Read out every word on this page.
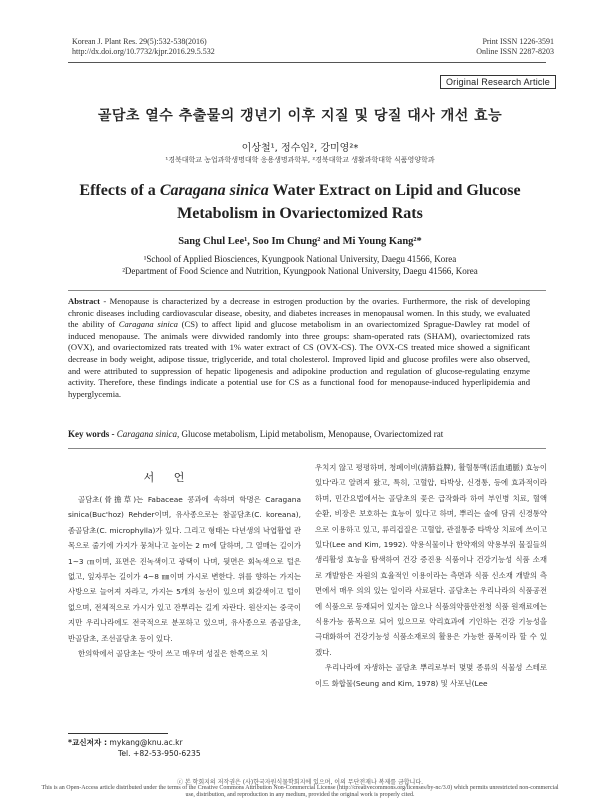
Korean J. Plant Res. 29(5):532-538(2016)
http://dx.doi.org/10.7732/kjpr.2016.29.5.532
Print ISSN 1226-3591
Online ISSN 2287-8203
Original Research Article
골담초 열수 추출물의 갱년기 이후 지질 및 당질 대사 개선 효능
이상철¹, 정수임², 강미영²*
¹경북대학교 농업과학생명대학 응용생명과학부, ²경북대학교 생활과학대학 식품영양학과
Effects of a Caragana sinica Water Extract on Lipid and Glucose
Metabolism in Ovariectomized Rats
Sang Chul Lee¹, Soo Im Chung² and Mi Young Kang²*
¹School of Applied Biosciences, Kyungpook National University, Daegu 41566, Korea
²Department of Food Science and Nutrition, Kyungpook National University, Daegu 41566, Korea
Abstract - Menopause is characterized by a decrease in estrogen production by the ovaries. Furthermore, the risk of developing chronic diseases including cardiovascular disease, obesity, and diabetes increases in menopausal women. In this study, we evaluated the ability of Caragana sinica (CS) to affect lipid and glucose metabolism in an ovariectomized Sprague-Dawley rat model of induced menopause. The animals were divwided randomly into three groups: sham-operated rats (SHAM), ovariectomized rats (OVX), and ovariectomized rats treated with 1% water extract of CS (OVX-CS). The OVX-CS treated mice showed a significant decrease in body weight, adipose tissue, triglyceride, and total cholesterol. Improved lipid and glucose profiles were also observed, and were attributed to suppression of hepatic lipogenesis and adipokine production and regulation of glucose-regulating enzyme activity. Therefore, these findings indicate a potential use for CS as a functional food for menopause-induced hyperlipidemia and hyperglycemia.
Key words - Caragana sinica, Glucose metabolism, Lipid metabolism, Menopause, Ovariectomized rat
서 언

골담초(骨擔草)는 Fabaceae 콩과에 속하며 학명은 Caragana sinica(Buc'hoz) Rehder이며, 유사종으로는 참골담초(C. koreana), 좀골담초(C. microphylla)가 있다. 그리고 형태는 다년생의 낙엽활엽 관목으로 줄기에 가지가 뭉쳐나고 높이는 2 m에 달하며, 그 열매는 길이가 1~3 ㎝이며, 표면은 진녹색이고 광택이 나며, 뒷면은 회녹색으로 털은 없고, 잎자루는 길이가 4~8 ㎜이며 가시로 변한다. 위를 향하는 가지는 사방으로 늘어져 자라고, 가지는 5개의 능선이 있으며 회갈색이고 털이 없으며, 전체적으로 가시가 있고 잔뿌리는 길게 자란다. 원산지는 중국이지만 우리나라에도 전국적으로 분포하고 있으며, 유사종으로 좀골담초, 반골담초, 조선골담초 등이 있다.

한의학에서 골담초는 '맛이 쓰고 매우며 성질은 한쪽으로 치

우치지 않고 평평하며, 청폐이비(淸肺益脾), 활혈통맥(活血通脈) 효능이 있다'라고 알려져 왔고, 특히, 고혈압, 타박상, 신경통, 등에 효과적이라 하며, 민간요법에서는 골담초의 꽃은 급작화라 하여 부인병 치료, 혈액 순환, 비장은 보호하는 효능이 있다고 하며, 뿌리는 술에 담궈 신경통약으로 이용하고 있고, 류리겁질은 고혈압, 관절통증 타박상 치료에 쓰이고 있다(Lee and Kim, 1992). 약용식물이나 한약재의 약용부위 물질들의 생리활성 효능을 탐색하여 건강 증진용 식품이나 건강기능성 식품 소재로 개발함은 자원의 효율적인 이용이라는 측면과 식품 신소재 개발의 측면에서 매우 의의 있는 일이라 사료된다. 골담초는 우리나라의 식품공전에 식품으로 등재되어 있지는 않으나 식품의약품안전청 식품 원재료에는 식용가능 품목으로 되어 있으므로 약리효과에 기인하는 건강 기능성을 극대화하여 건강기능성 식품소재로의 활용은 가능한 품목이라 할 수 있겠다.

우리나라에 자생하는 골담초 뿌리로부터 몇몇 종류의 식물성 스테로이드 화합물(Seung and Kim, 1978) 및 사포닌(Lee

*교신저자 : mykang@knu.ac.kr
Tel. +82-53-950-6235
ⓒ 본 학회지의 저작권은 (사)한국자원식물학회지에 있으며, 이의 무단전재나 복제를 금합니다.
This is an Open-Access article distributed under the terms of the Creative Commons Attribution Non-Commercial License (http://creativecommons.org/licenses/by-nc/3.0) which permits unrestricted non-commercial use, distribution, and reproduction in any medium, provided the original work is properly cited.
